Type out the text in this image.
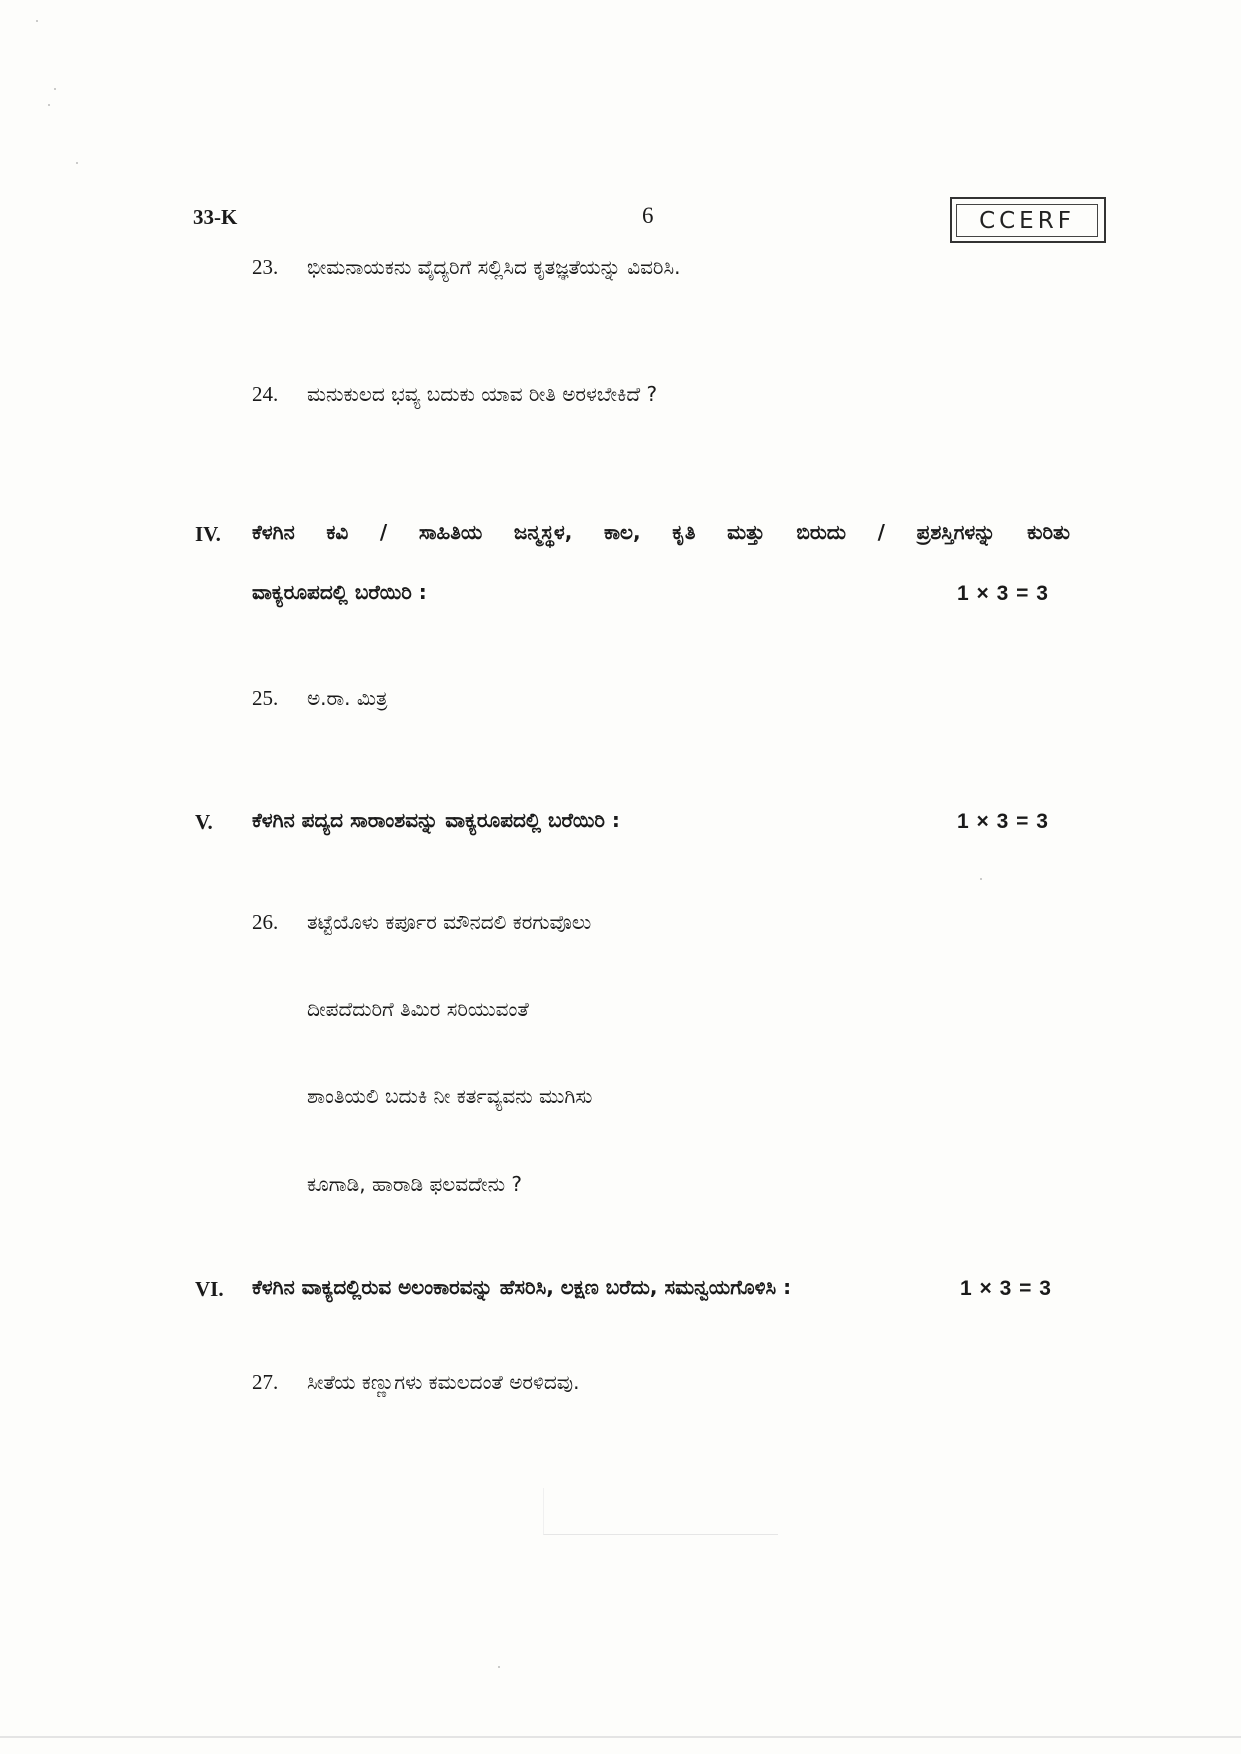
33-K	6	CCERF
23. ಭೀಮನಾಯಕನು ವೈದ್ಯರಿಗೆ ಸಲ್ಲಿಸಿದ ಕೃತಜ್ಞತೆಯನ್ನು ವಿವರಿಸಿ.
24. ಮನುಕುಲದ ಭವ್ಯ ಬದುಕು ಯಾವ ರೀತಿ ಅರಳಬೇಕಿದೆ ?
IV. ಕೆಳಗಿನ ಕವಿ / ಸಾಹಿತಿಯ ಜನ್ಮಸ್ಥಳ, ಕಾಲ, ಕೃತಿ ಮತ್ತು ಬಿರುದು / ಪ್ರಶಸ್ತಿಗಳನ್ನು ಕುರಿತು
ವಾಕ್ಯರೂಪದಲ್ಲಿ ಬರೆಯಿರಿ :	1 × 3 = 3
25. ಅ.ರಾ. ಮಿತ್ರ
V. ಕೆಳಗಿನ ಪದ್ಯದ ಸಾರಾಂಶವನ್ನು ವಾಕ್ಯರೂಪದಲ್ಲಿ ಬರೆಯಿರಿ :	1 × 3 = 3
26. ತಟ್ಟೆಯೊಳು ಕರ್ಪೂರ ಮೌನದಲಿ ಕರಗುವೊಲು
ದೀಪದೆದುರಿಗೆ ತಿಮಿರ ಸರಿಯುವಂತೆ
ಶಾಂತಿಯಲಿ ಬದುಕಿ ನೀ ಕರ್ತವ್ಯವನು ಮುಗಿಸು
ಕೂಗಾಡಿ, ಹಾರಾಡಿ ಫಲವದೇನು ?
VI. ಕೆಳಗಿನ ವಾಕ್ಯದಲ್ಲಿರುವ ಅಲಂಕಾರವನ್ನು ಹೆಸರಿಸಿ, ಲಕ್ಷಣ ಬರೆದು, ಸಮನ್ವಯಗೊಳಿಸಿ :	1 × 3 = 3
27. ಸೀತೆಯ ಕಣ್ಣುಗಳು ಕಮಲದಂತೆ ಅರಳಿದವು.
